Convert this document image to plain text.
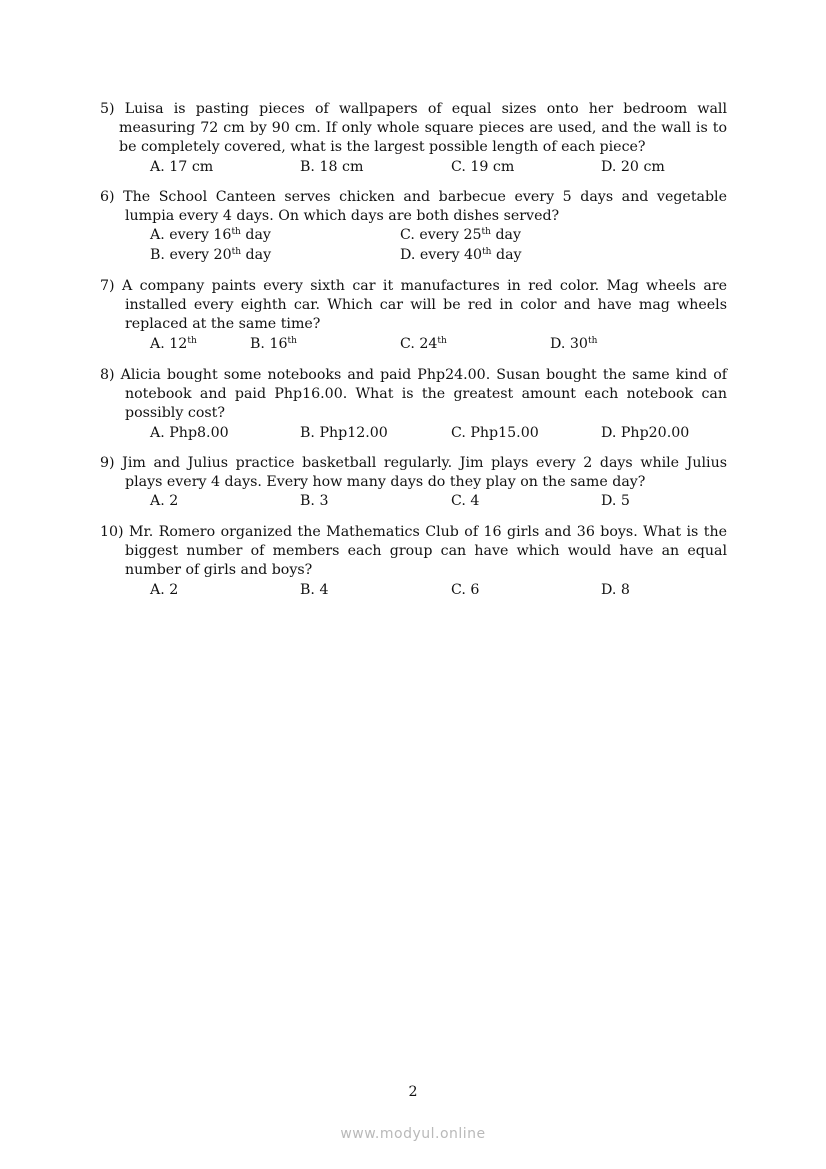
5) Luisa is pasting pieces of wallpapers of equal sizes onto her bedroom wall measuring 72 cm by 90 cm. If only whole square pieces are used, and the wall is to be completely covered, what is the largest possible length of each piece?
A. 17 cm	B. 18 cm	C. 19 cm	D. 20 cm
6) The School Canteen serves chicken and barbecue every 5 days and vegetable lumpia every 4 days. On which days are both dishes served?
A. every 16th day	C. every 25th day
B. every 20th day	D. every 40th day
7) A company paints every sixth car it manufactures in red color. Mag wheels are installed every eighth car. Which car will be red in color and have mag wheels replaced at the same time?
A. 12th	B. 16th	C. 24th	D. 30th
8) Alicia bought some notebooks and paid Php24.00. Susan bought the same kind of notebook and paid Php16.00. What is the greatest amount each notebook can possibly cost?
A. Php8.00	B. Php12.00	C. Php15.00	D. Php20.00
9) Jim and Julius practice basketball regularly. Jim plays every 2 days while Julius plays every 4 days. Every how many days do they play on the same day?
A. 2	B. 3	C. 4	D. 5
10) Mr. Romero organized the Mathematics Club of 16 girls and 36 boys. What is the biggest number of members each group can have which would have an equal number of girls and boys?
A. 2	B. 4	C. 6	D. 8
2
www.modyul.online
